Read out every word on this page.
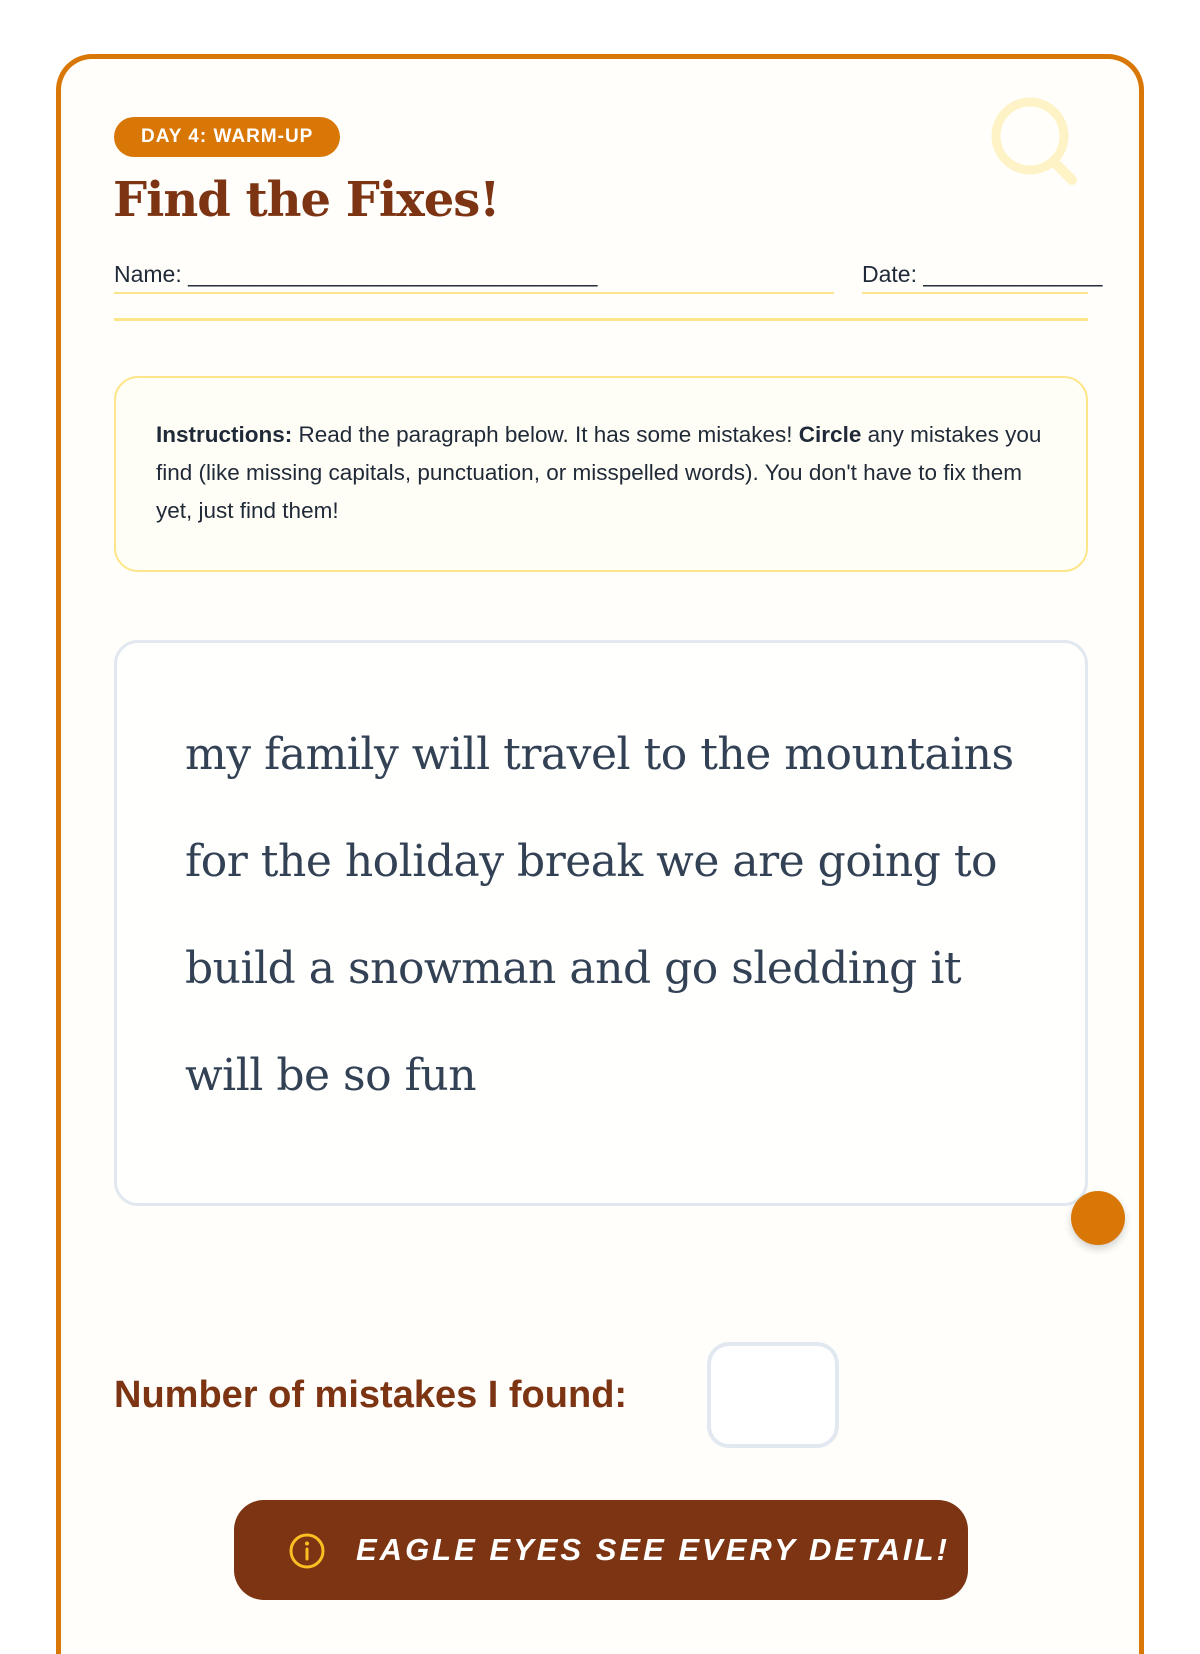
DAY 4: WARM-UP
Find the Fixes!
Name: ________________________________	Date: ______________
Instructions: Read the paragraph below. It has some mistakes! Circle any mistakes you find (like missing capitals, punctuation, or misspelled words). You don't have to fix them yet, just find them!

my family will travel to the mountains for the holiday break we are going to build a snowman and go sledding it will be so fun

Number of mistakes I found:
EAGLE EYES SEE EVERY DETAIL!
